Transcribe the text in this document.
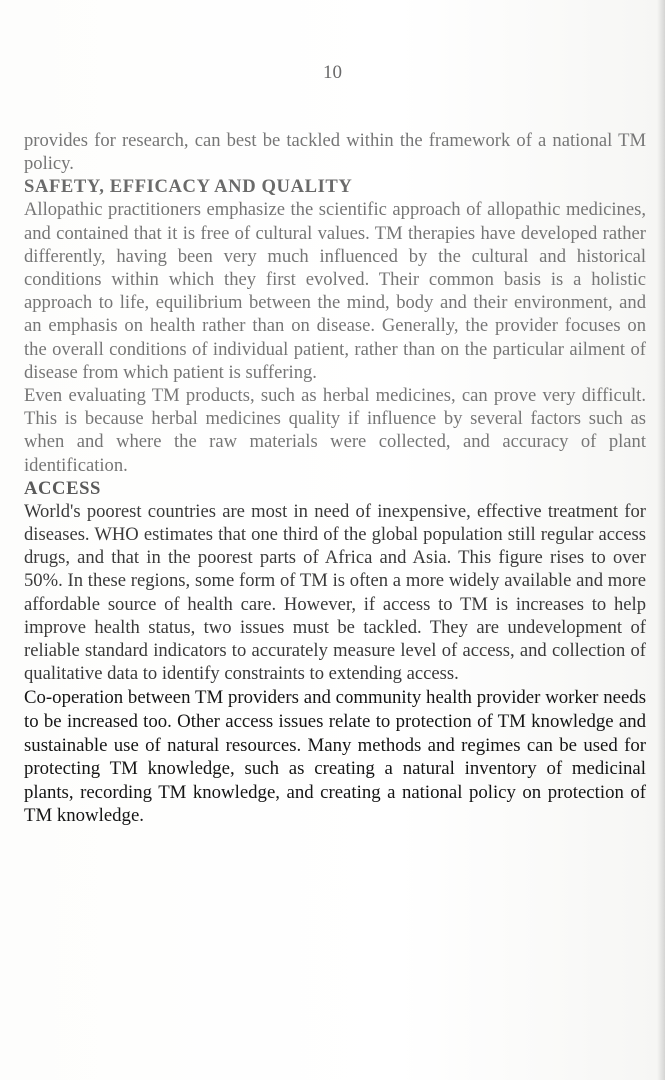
10

provides for research, can best be tackled within the framework of a national TM policy.

SAFETY, EFFICACY AND QUALITY

Allopathic practitioners emphasize the scientific approach of allopathic medicines, and contained that it is free of cultural values. TM therapies have developed rather differently, having been very much influenced by the cultural and historical conditions within which they first evolved. Their common basis is a holistic approach to life, equilibrium between the mind, body and their environment, and an emphasis on health rather than on disease. Generally, the provider focuses on the overall conditions of individual patient, rather than on the particular ailment of disease from which patient is suffering.

Even evaluating TM products, such as herbal medicines, can prove very difficult. This is because herbal medicines quality if influence by several factors such as when and where the raw materials were collected, and accuracy of plant identification.

ACCESS

World's poorest countries are most in need of inexpensive, effective treatment for diseases. WHO estimates that one third of the global population still regular access drugs, and that in the poorest parts of Africa and Asia. This figure rises to over 50%. In these regions, some form of TM is often a more widely available and more affordable source of health care. However, if access to TM is increases to help improve health status, two issues must be tackled. They are undevelopment of reliable standard indicators to accurately measure level of access, and collection of qualitative data to identify constraints to extending access.

Co-operation between TM providers and community health provider worker needs to be increased too. Other access issues relate to protection of TM knowledge and sustainable use of natural resources. Many methods and regimes can be used for protecting TM knowledge, such as creating a natural inventory of medicinal plants, recording TM knowledge, and creating a national policy on protection of TM knowledge.
